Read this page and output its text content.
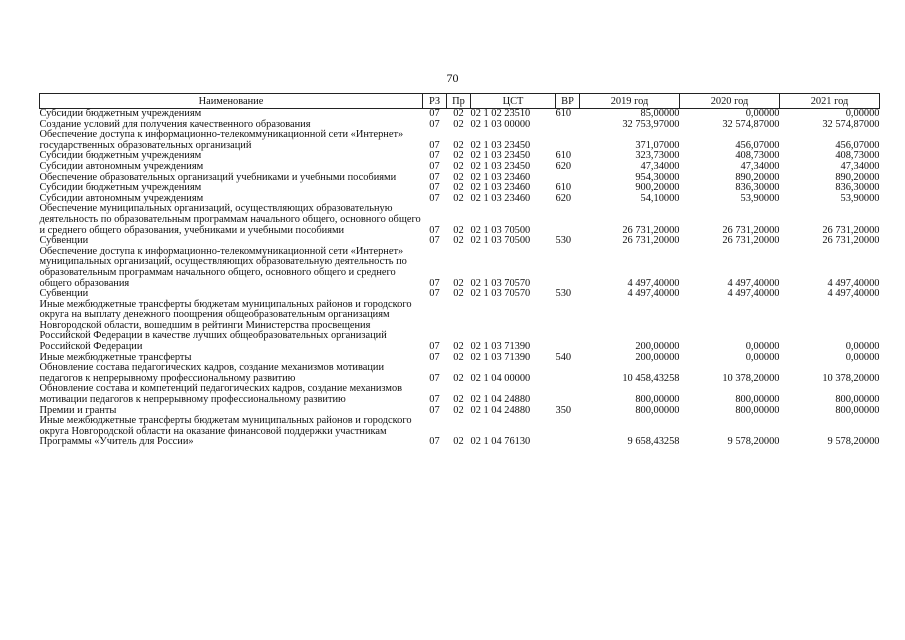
70
Наименование	РЗ	Пр	ЦСТ	ВР	2019 год	2020 год	2021 год
Субсидии бюджетным учреждениям	07	02	02 1 02 23510	610	85,00000	0,00000	0,00000
Создание условий для получения качественного образования	07	02	02 1 03 00000		32 753,97000	32 574,87000	32 574,87000
Обеспечение доступа к информационно-телекоммуникационной сети «Интернет» государственных образовательных организаций	07	02	02 1 03 23450		371,07000	456,07000	456,07000
Субсидии бюджетным учреждениям	07	02	02 1 03 23450	610	323,73000	408,73000	408,73000
Субсидии автономным учреждениям	07	02	02 1 03 23450	620	47,34000	47,34000	47,34000
Обеспечение образовательных организаций учебниками и учебными пособиями	07	02	02 1 03 23460		954,30000	890,20000	890,20000
Субсидии бюджетным учреждениям	07	02	02 1 03 23460	610	900,20000	836,30000	836,30000
Субсидии автономным учреждениям	07	02	02 1 03 23460	620	54,10000	53,90000	53,90000
Обеспечение муниципальных организаций, осуществляющих образовательную деятельность по образовательным программам начального общего, основного общего и среднего общего образования, учебниками и учебными пособиями	07	02	02 1 03 70500		26 731,20000	26 731,20000	26 731,20000
Субвенции	07	02	02 1 03 70500	530	26 731,20000	26 731,20000	26 731,20000
Обеспечение доступа к информационно-телекоммуникационной сети «Интернет» муниципальных организаций, осуществляющих образовательную деятельность по образовательным программам начального общего, основного общего и среднего общего образования	07	02	02 1 03 70570		4 497,40000	4 497,40000	4 497,40000
Субвенции	07	02	02 1 03 70570	530	4 497,40000	4 497,40000	4 497,40000
Иные межбюджетные трансферты бюджетам муниципальных районов и городского округа на выплату денежного поощрения общеобразовательным организациям Новгородской области, вошедшим в рейтинги Министерства просвещения Российской Федерации в качестве лучших общеобразовательных организаций Российской Федерации	07	02	02 1 03 71390		200,00000	0,00000	0,00000
Иные межбюджетные трансферты	07	02	02 1 03 71390	540	200,00000	0,00000	0,00000
Обновление состава педагогических кадров, создание механизмов мотивации педагогов к непрерывному профессиональному развитию	07	02	02 1 04 00000		10 458,43258	10 378,20000	10 378,20000
Обновление состава и компетенций педагогических кадров, создание механизмов мотивации педагогов к непрерывному профессиональному развитию	07	02	02 1 04 24880		800,00000	800,00000	800,00000
Премии и гранты	07	02	02 1 04 24880	350	800,00000	800,00000	800,00000
Иные межбюджетные трансферты бюджетам муниципальных районов и городского округа Новгородской области на оказание финансовой поддержки участникам Программы «Учитель для России»	07	02	02 1 04 76130		9 658,43258	9 578,20000	9 578,20000
